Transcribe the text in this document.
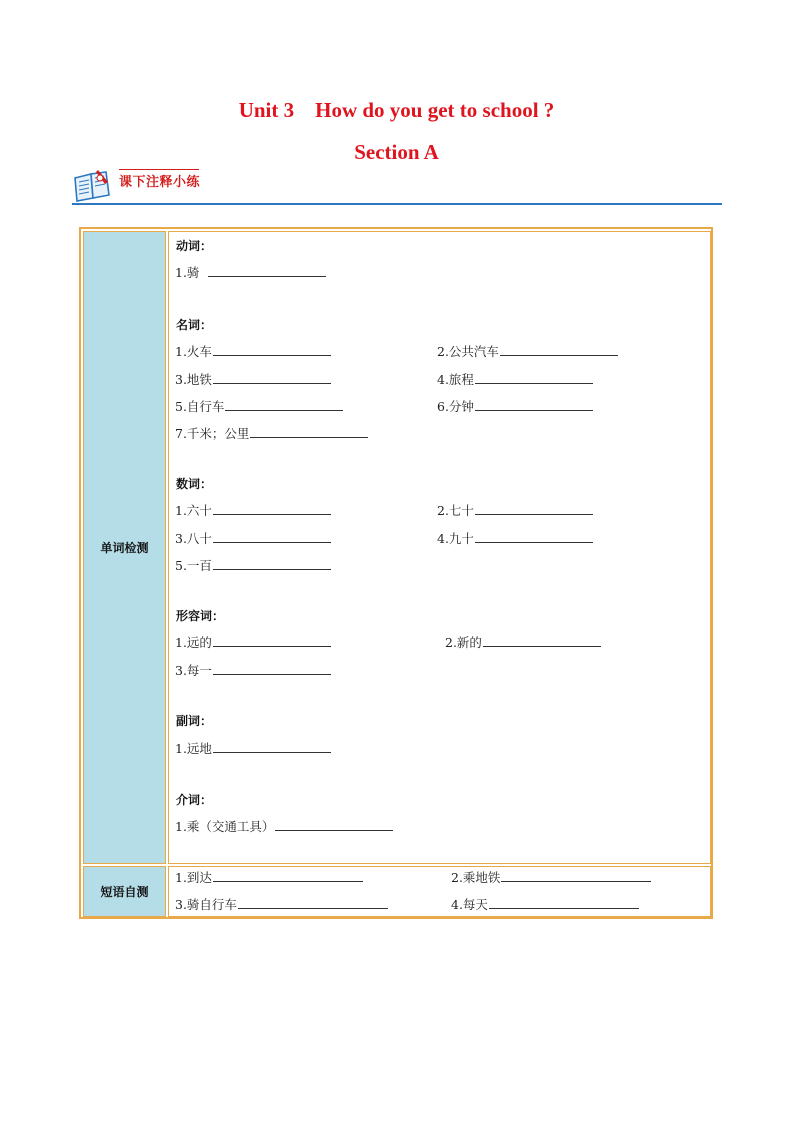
Unit 3    How do you get to school ?
Section A
课下注释小练
单词检测
动词：
1.骑
名词：
1.火车	2.公共汽车
3.地铁	4.旅程
5.自行车	6.分钟
7.千米；公里
数词：
1.六十	2.七十
3.八十	4.九十
5.一百
形容词：
1.远的	2.新的
3.每一
副词：
1.远地
介词：
1.乘（交通工具）
短语自测
1.到达	2.乘地铁
3.骑自行车	4.每天
